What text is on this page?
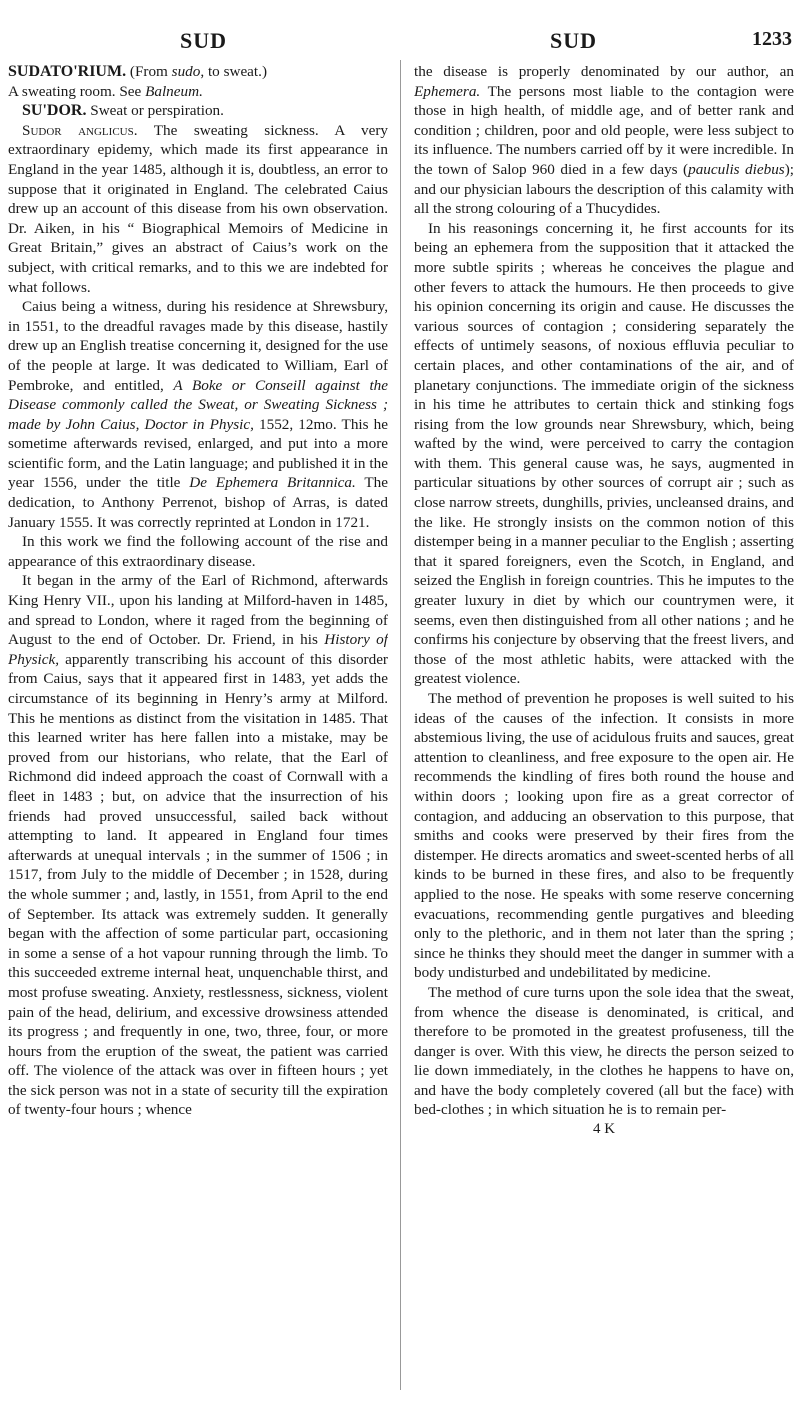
SUD	SUD	1233

SUDATO'RIUM. (From sudo, to sweat.)
A sweating room. See Balneum.

SU'DOR. Sweat or perspiration.

Sudor anglicus. The sweating sickness. A very extraordinary epidemy, which made its first appearance in England in the year 1485, although it is, doubtless, an error to suppose that it originated in England. The celebrated Caius drew up an account of this disease from his own observation. Dr. Aiken, in his “ Biographical Memoirs of Medicine in Great Britain,” gives an abstract of Caius’s work on the subject, with critical remarks, and to this we are indebted for what follows.

Caius being a witness, during his residence at Shrewsbury, in 1551, to the dreadful ravages made by this disease, hastily drew up an English treatise concerning it, designed for the use of the people at large. It was dedicated to William, Earl of Pembroke, and entitled, A Boke or Conseill against the Disease commonly called the Sweat, or Sweating Sickness ; made by John Caius, Doctor in Physic, 1552, 12mo. This he sometime afterwards revised, enlarged, and put into a more scientific form, and the Latin language; and published it in the year 1556, under the title De Ephemera Britannica. The dedication, to Anthony Perrenot, bishop of Arras, is dated January 1555. It was correctly reprinted at London in 1721.

In this work we find the following account of the rise and appearance of this extraordinary disease.

It began in the army of the Earl of Richmond, afterwards King Henry VII., upon his landing at Milford-haven in 1485, and spread to London, where it raged from the beginning of August to the end of October. Dr. Friend, in his History of Physick, apparently transcribing his account of this disorder from Caius, says that it appeared first in 1483, yet adds the circumstance of its beginning in Henry’s army at Milford. This he mentions as distinct from the visitation in 1485. That this learned writer has here fallen into a mistake, may be proved from our historians, who relate, that the Earl of Richmond did indeed approach the coast of Cornwall with a fleet in 1483 ; but, on advice that the insurrection of his friends had proved unsuccessful, sailed back without attempting to land. It appeared in England four times afterwards at unequal intervals ; in the summer of 1506 ; in 1517, from July to the middle of December ; in 1528, during the whole summer ; and, lastly, in 1551, from April to the end of September. Its attack was extremely sudden. It generally began with the affection of some particular part, occasioning in some a sense of a hot vapour running through the limb. To this succeeded extreme internal heat, unquenchable thirst, and most profuse sweating. Anxiety, restlessness, sickness, violent pain of the head, delirium, and excessive drowsiness attended its progress ; and frequently in one, two, three, four, or more hours from the eruption of the sweat, the patient was carried off. The violence of the attack was over in fifteen hours ; yet the sick person was not in a state of security till the expiration of twenty-four hours ; whence

the disease is properly denominated by our author, an Ephemera. The persons most liable to the contagion were those in high health, of middle age, and of better rank and condition ; children, poor and old people, were less subject to its influence. The numbers carried off by it were incredible. In the town of Salop 960 died in a few days (pauculis diebus); and our physician labours the description of this calamity with all the strong colouring of a Thucydides.

In his reasonings concerning it, he first accounts for its being an ephemera from the supposition that it attacked the more subtle spirits ; whereas he conceives the plague and other fevers to attack the humours. He then proceeds to give his opinion concerning its origin and cause. He discusses the various sources of contagion ; considering separately the effects of untimely seasons, of noxious effluvia peculiar to certain places, and other contaminations of the air, and of planetary conjunctions. The immediate origin of the sickness in his time he attributes to certain thick and stinking fogs rising from the low grounds near Shrewsbury, which, being wafted by the wind, were perceived to carry the contagion with them. This general cause was, he says, augmented in particular situations by other sources of corrupt air ; such as close narrow streets, dunghills, privies, uncleansed drains, and the like. He strongly insists on the common notion of this distemper being in a manner peculiar to the English ; asserting that it spared foreigners, even the Scotch, in England, and seized the English in foreign countries. This he imputes to the greater luxury in diet by which our countrymen were, it seems, even then distinguished from all other nations ; and he confirms his conjecture by observing that the freest livers, and those of the most athletic habits, were attacked with the greatest violence.

The method of prevention he proposes is well suited to his ideas of the causes of the infection. It consists in more abstemious living, the use of acidulous fruits and sauces, great attention to cleanliness, and free exposure to the open air. He recommends the kindling of fires both round the house and within doors ; looking upon fire as a great corrector of contagion, and adducing an observation to this purpose, that smiths and cooks were preserved by their fires from the distemper. He directs aromatics and sweet-scented herbs of all kinds to be burned in these fires, and also to be frequently applied to the nose. He speaks with some reserve concerning evacuations, recommending gentle purgatives and bleeding only to the plethoric, and in them not later than the spring ; since he thinks they should meet the danger in summer with a body undisturbed and undebilitated by medicine.

The method of cure turns upon the sole idea that the sweat, from whence the disease is denominated, is critical, and therefore to be promoted in the greatest profuseness, till the danger is over. With this view, he directs the person seized to lie down immediately, in the clothes he happens to have on, and have the body completely covered (all but the face) with bed-clothes ; in which situation he is to remain per-

4 K
